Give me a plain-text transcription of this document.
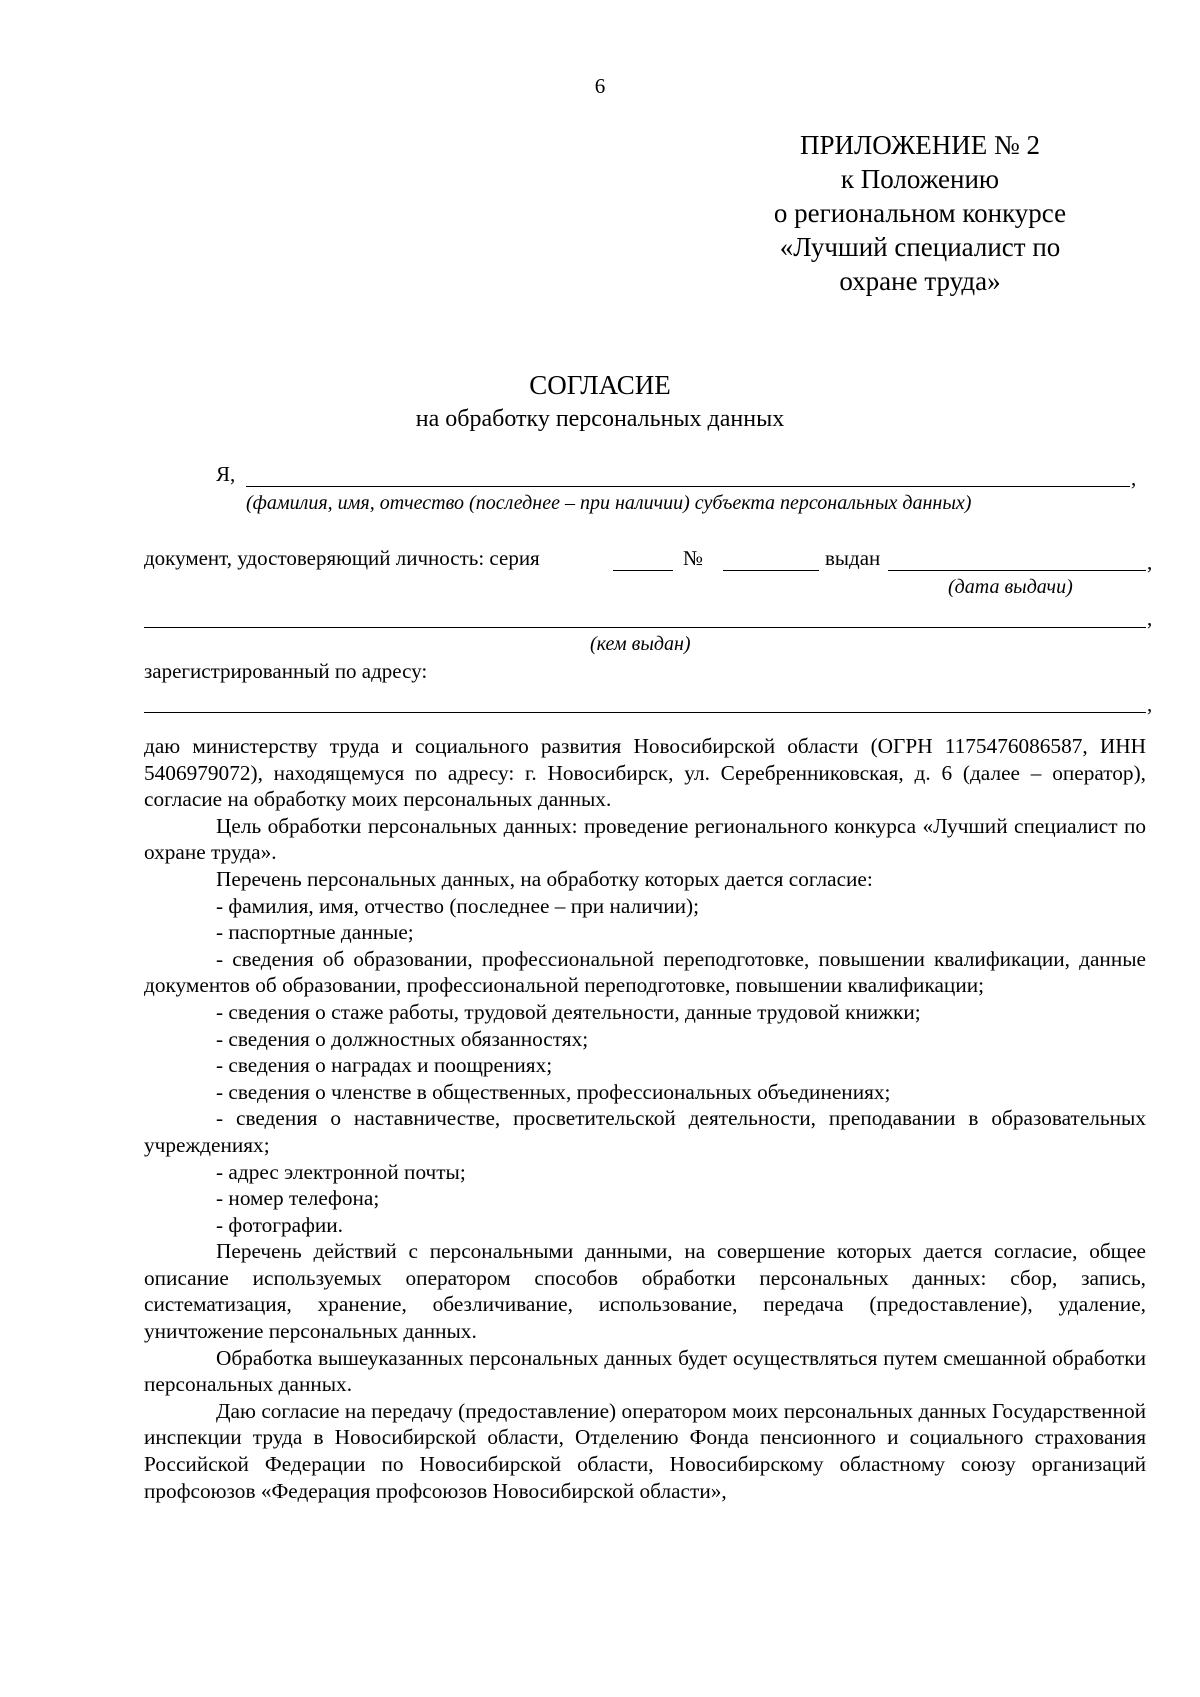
6
ПРИЛОЖЕНИЕ № 2
к Положению
о региональном конкурсе
«Лучший специалист по
охране труда»
СОГЛАСИЕ
на обработку персональных данных
Я,	,
(фамилия, имя, отчество (последнее – при наличии) субъекта персональных данных)
документ, удостоверяющий личность: серия	№	выдан	,
(дата выдачи)
,
(кем выдан)
зарегистрированный по адресу:
,

даю министерству труда и социального развития Новосибирской области (ОГРН 1175476086587, ИНН 5406979072), находящемуся по адресу: г. Новосибирск, ул. Серебренниковская, д. 6 (далее – оператор), согласие на обработку моих персональных данных.

Цель обработки персональных данных: проведение регионального конкурса «Лучший специалист по охране труда».

Перечень персональных данных, на обработку которых дается согласие:

- фамилия, имя, отчество (последнее – при наличии);

- паспортные данные;

- сведения об образовании, профессиональной переподготовке, повышении квалификации, данные документов об образовании, профессиональной переподготовке, повышении квалификации;

- сведения о стаже работы, трудовой деятельности, данные трудовой книжки;

- сведения о должностных обязанностях;

- сведения о наградах и поощрениях;

- сведения о членстве в общественных, профессиональных объединениях;

- сведения о наставничестве, просветительской деятельности, преподавании в образовательных учреждениях;

- адрес электронной почты;

- номер телефона;

- фотографии.

Перечень действий с персональными данными, на совершение которых дается согласие, общее описание используемых оператором способов обработки персональных данных: сбор, запись, систематизация, хранение, обезличивание, использование, передача (предоставление), удаление, уничтожение персональных данных.

Обработка вышеуказанных персональных данных будет осуществляться путем смешанной обработки персональных данных.

Даю согласие на передачу (предоставление) оператором моих персональных данных Государственной инспекции труда в Новосибирской области, Отделению Фонда пенсионного и социального страхования Российской Федерации по Новосибирской области, Новосибирскому областному союзу организаций профсоюзов «Федерация профсоюзов Новосибирской области»,
